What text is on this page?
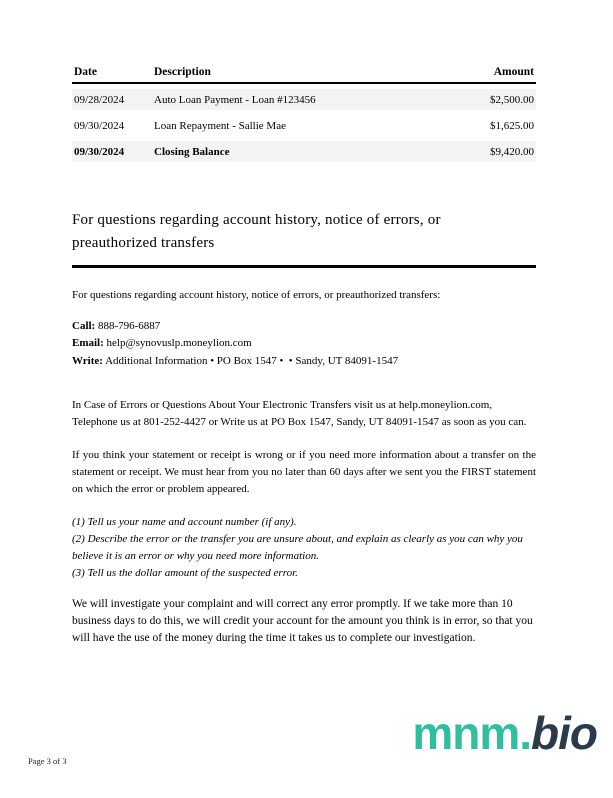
Date	Description	Amount
09/28/2024	Auto Loan Payment - Loan #123456	$2,500.00
09/30/2024	Loan Repayment - Sallie Mae	$1,625.00
09/30/2024	Closing Balance	$9,420.00
For questions regarding account history, notice of errors, or preauthorized transfers

For questions regarding account history, notice of errors, or preauthorized transfers:

Call: 888-796-6887

Email: help@synovuslp.moneylion.com

Write: Additional Information • PO Box 1547 •  • Sandy, UT 84091-1547

In Case of Errors or Questions About Your Electronic Transfers visit us at help.moneylion.com, Telephone us at 801-252-4427 or Write us at PO Box 1547, Sandy, UT 84091-1547 as soon as you can.

If you think your statement or receipt is wrong or if you need more information about a transfer on the statement or receipt. We must hear from you no later than 60 days after we sent you the FIRST statement on which the error or problem appeared.

(1) Tell us your name and account number (if any).

(2) Describe the error or the transfer you are unsure about, and explain as clearly as you can why you believe it is an error or why you need more information.

(3) Tell us the dollar amount of the suspected error.

We will investigate your complaint and will correct any error promptly. If we take more than 10 business days to do this, we will credit your account for the amount you think is in error, so that you will have the use of the money during the time it takes us to complete our investigation.

mnm.bio
Page 3 of 3
